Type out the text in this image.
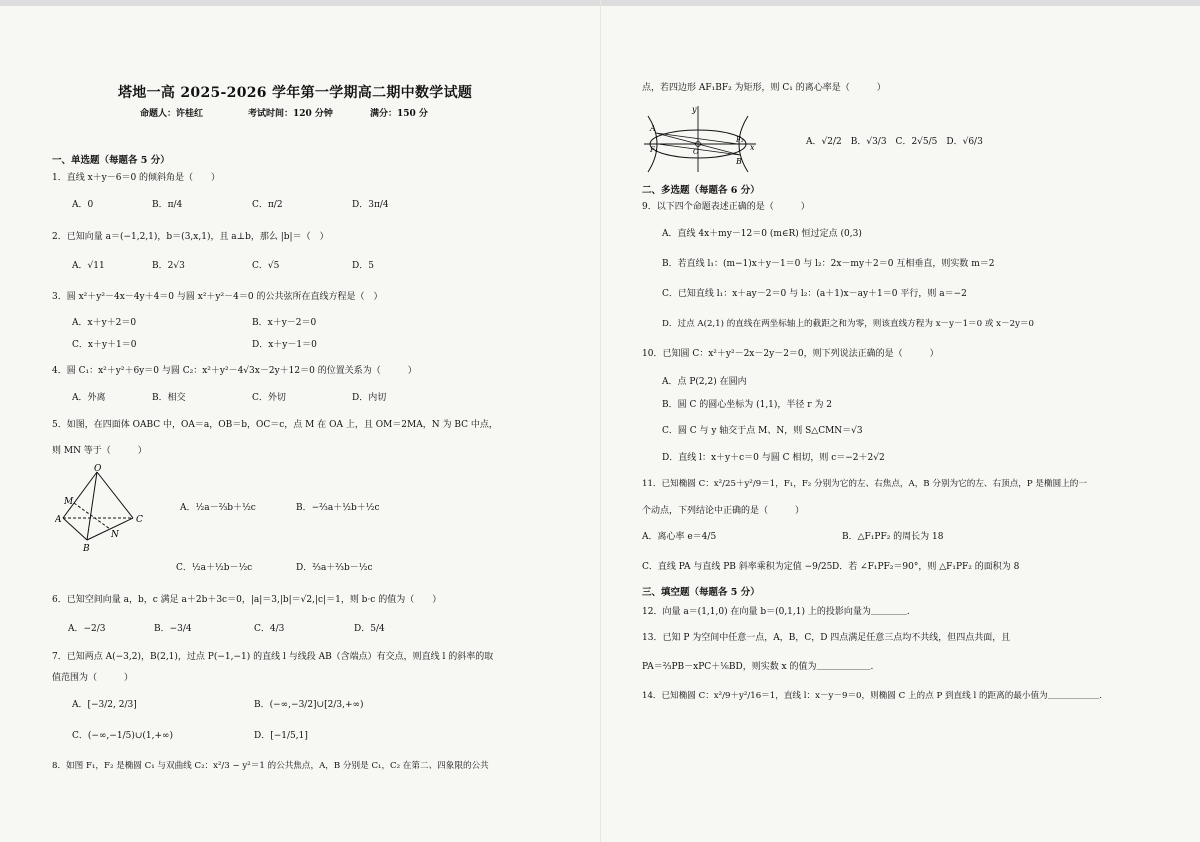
塔地一高 2025-2026 学年第一学期高二期中数学试题
命题人：许桂红	考试时间：120 分钟	满分：150 分
一、单选题（每题各 5 分）
1．直线 x＋y－6＝0 的倾斜角是（　　）
A．0	B．π/4	C．π/2	D．3π/4
2．已知向量 a＝(−1,2,1)，b＝(3,x,1)，且 a⊥b，那么 |b|＝（　）
A．√11	B．2√3	C．√5	D．5
3．圆 x²＋y²－4x－4y＋4＝0 与圆 x²＋y²－4＝0 的公共弦所在直线方程是（　）
A．x＋y＋2＝0	B．x＋y－2＝0
C．x＋y＋1＝0	D．x＋y－1＝0
4．圆 C₁：x²＋y²＋6y＝0 与圆 C₂：x²＋y²－4√3x－2y＋12＝0 的位置关系为（　　　）
A．外离	B．相交	C．外切	D．内切
5．如图，在四面体 OABC 中，OA＝a，OB＝b，OC＝c，点 M 在 OA 上，且 OM＝2MA，N 为 BC 中点，
则 MN 等于（　　　）
O
A
B
C
M
N
A．½a－⅔b＋½c	B．−⅔a＋½b＋½c
C．½a＋½b－½c	D．⅔a＋⅔b－½c
6．已知空间向量 a，b，c 满足 a＋2b＋3c＝0，|a|＝3,|b|＝√2,|c|＝1，则 b·c 的值为（　　）
A．−2/3	B．−3/4	C．4/3	D．5/4
7．已知两点 A(−3,2)，B(2,1)，过点 P(−1,−1) 的直线 l 与线段 AB（含端点）有交点，则直线 l 的斜率的取
值范围为（　　　）
A．[−3/2, 2/3]	B．(−∞,−3/2]∪[2/3,+∞)
C．(−∞,−1/5)∪(1,+∞)	D．[−1/5,1]
8．如图 F₁，F₂ 是椭圆 C₁ 与双曲线 C₂：x²/3 − y²＝1 的公共焦点，A，B 分别是 C₁，C₂ 在第二、四象限的公共
点，若四边形 AF₁BF₂ 为矩形，则 C₁ 的离心率是（　　　）
y
x
A
B
F₁
F₂
O
A．√2/2　B．√3/3　C．2√5/5　D．√6/3
二、多选题（每题各 6 分）
9．以下四个命题表述正确的是（　　　）
A．直线 4x＋my－12＝0 (m∈R) 恒过定点 (0,3)
B．若直线 l₁：(m−1)x＋y－1＝0 与 l₂：2x－my＋2＝0 互相垂直，则实数 m＝2
C．已知直线 l₁：x＋ay－2＝0 与 l₂：(a＋1)x－ay＋1＝0 平行，则 a＝−2
D．过点 A(2,1) 的直线在两坐标轴上的截距之和为零，则该直线方程为 x－y－1＝0 或 x－2y＝0
10．已知圆 C：x²＋y²－2x－2y－2＝0，则下列说法正确的是（　　　）
A．点 P(2,2) 在圆内
B．圆 C 的圆心坐标为 (1,1)，半径 r 为 2
C．圆 C 与 y 轴交于点 M、N，则 S△CMN＝√3
D．直线 l：x＋y＋c＝0 与圆 C 相切，则 c＝−2＋2√2
11．已知椭圆 C：x²/25＋y²/9＝1，F₁，F₂ 分别为它的左、右焦点，A，B 分别为它的左、右顶点，P 是椭圆上的一
个动点，下列结论中正确的是（　　　）
A．离心率 e＝4/5	B．△F₁PF₂ 的周长为 18
C．直线 PA 与直线 PB 斜率乘积为定值 −9/25 D．若 ∠F₁PF₂＝90°，则 △F₁PF₂ 的面积为 8
三、填空题（每题各 5 分）
12．向量 a＝(1,1,0) 在向量 b＝(0,1,1) 上的投影向量为＿＿＿＿.
13．已知 P 为空间中任意一点，A，B，C，D 四点满足任意三点均不共线，但四点共面，且
PA＝⅔PB－xPC＋⅙BD，则实数 x 的值为＿＿＿＿＿＿.
14．已知椭圆 C：x²/9＋y²/16＝1，直线 l：x－y－9＝0，则椭圆 C 上的点 P 到直线 l 的距离的最小值为＿＿＿＿＿＿.
